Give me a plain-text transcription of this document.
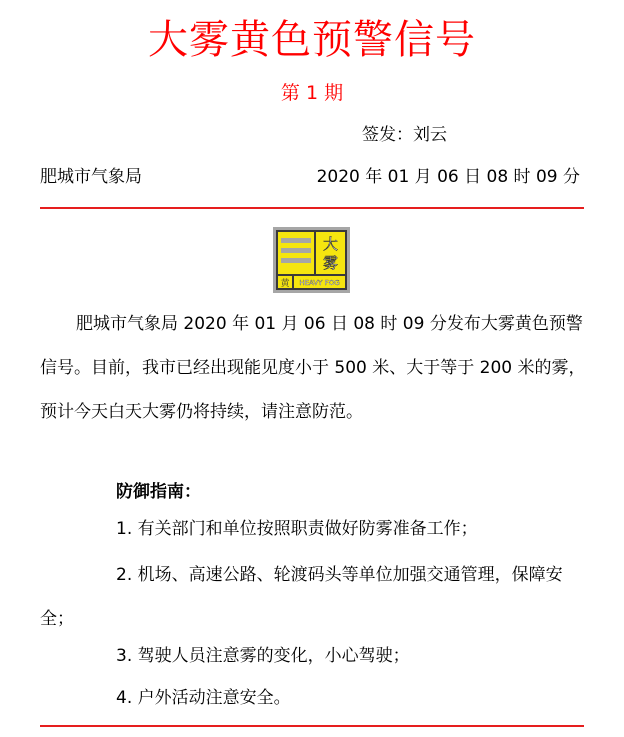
大雾黄色预警信号
第 1 期
签发：刘云
肥城市气象局	2020 年 01 月 06 日 08 时 09 分
大
雾
黄 HEAVY FOG

肥城市气象局 2020 年 01 月 06 日 08 时 09 分发布大雾黄色预警信号。目前，我市已经出现能见度小于 500 米、大于等于 200 米的雾，预计今天白天大雾仍将持续，请注意防范。

防御指南：

1. 有关部门和单位按照职责做好防雾准备工作；

2. 机场、高速公路、轮渡码头等单位加强交通管理，保障安全；

3. 驾驶人员注意雾的变化，小心驾驶；

4. 户外活动注意安全。
